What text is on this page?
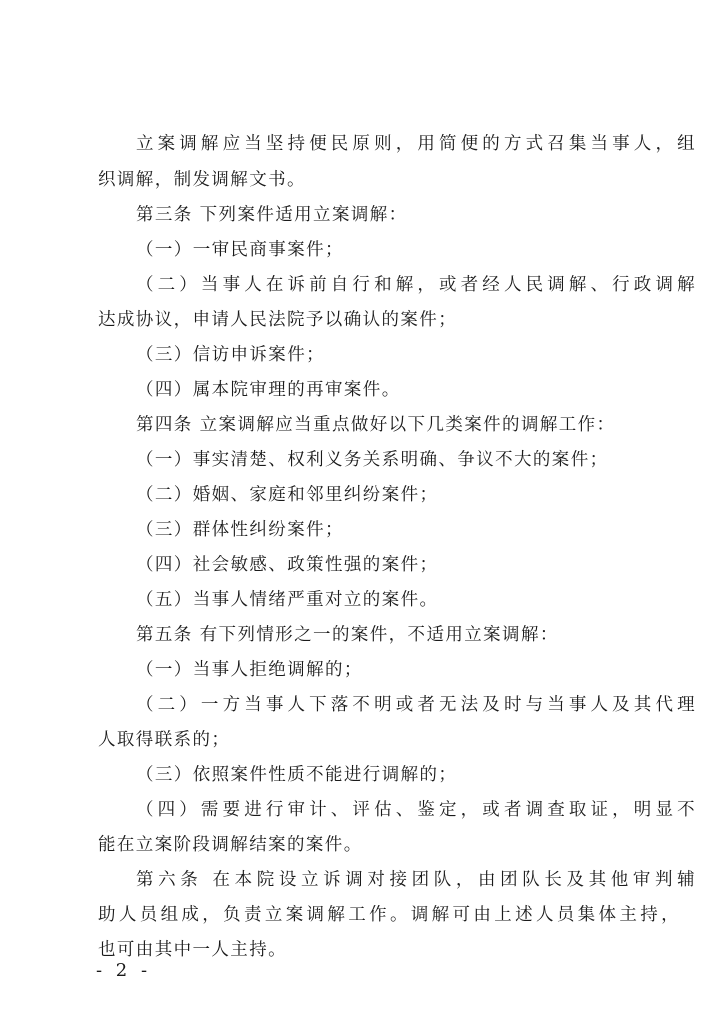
立案调解应当坚持便民原则，用简便的方式召集当事人，组
织调解，制发调解文书。
第三条 下列案件适用立案调解：
（一）一审民商事案件；
（二）当事人在诉前自行和解，或者经人民调解、行政调解
达成协议，申请人民法院予以确认的案件；
（三）信访申诉案件；
（四）属本院审理的再审案件。
第四条 立案调解应当重点做好以下几类案件的调解工作：
（一）事实清楚、权利义务关系明确、争议不大的案件；
（二）婚姻、家庭和邻里纠纷案件；
（三）群体性纠纷案件；
（四）社会敏感、政策性强的案件；
（五）当事人情绪严重对立的案件。
第五条 有下列情形之一的案件，不适用立案调解：
（一）当事人拒绝调解的；
（二）一方当事人下落不明或者无法及时与当事人及其代理
人取得联系的；
（三）依照案件性质不能进行调解的；
（四）需要进行审计、评估、鉴定，或者调查取证，明显不
能在立案阶段调解结案的案件。
第六条 在本院设立诉调对接团队，由团队长及其他审判辅
助人员组成，负责立案调解工作。调解可由上述人员集体主持，
也可由其中一人主持。
- 2 -
